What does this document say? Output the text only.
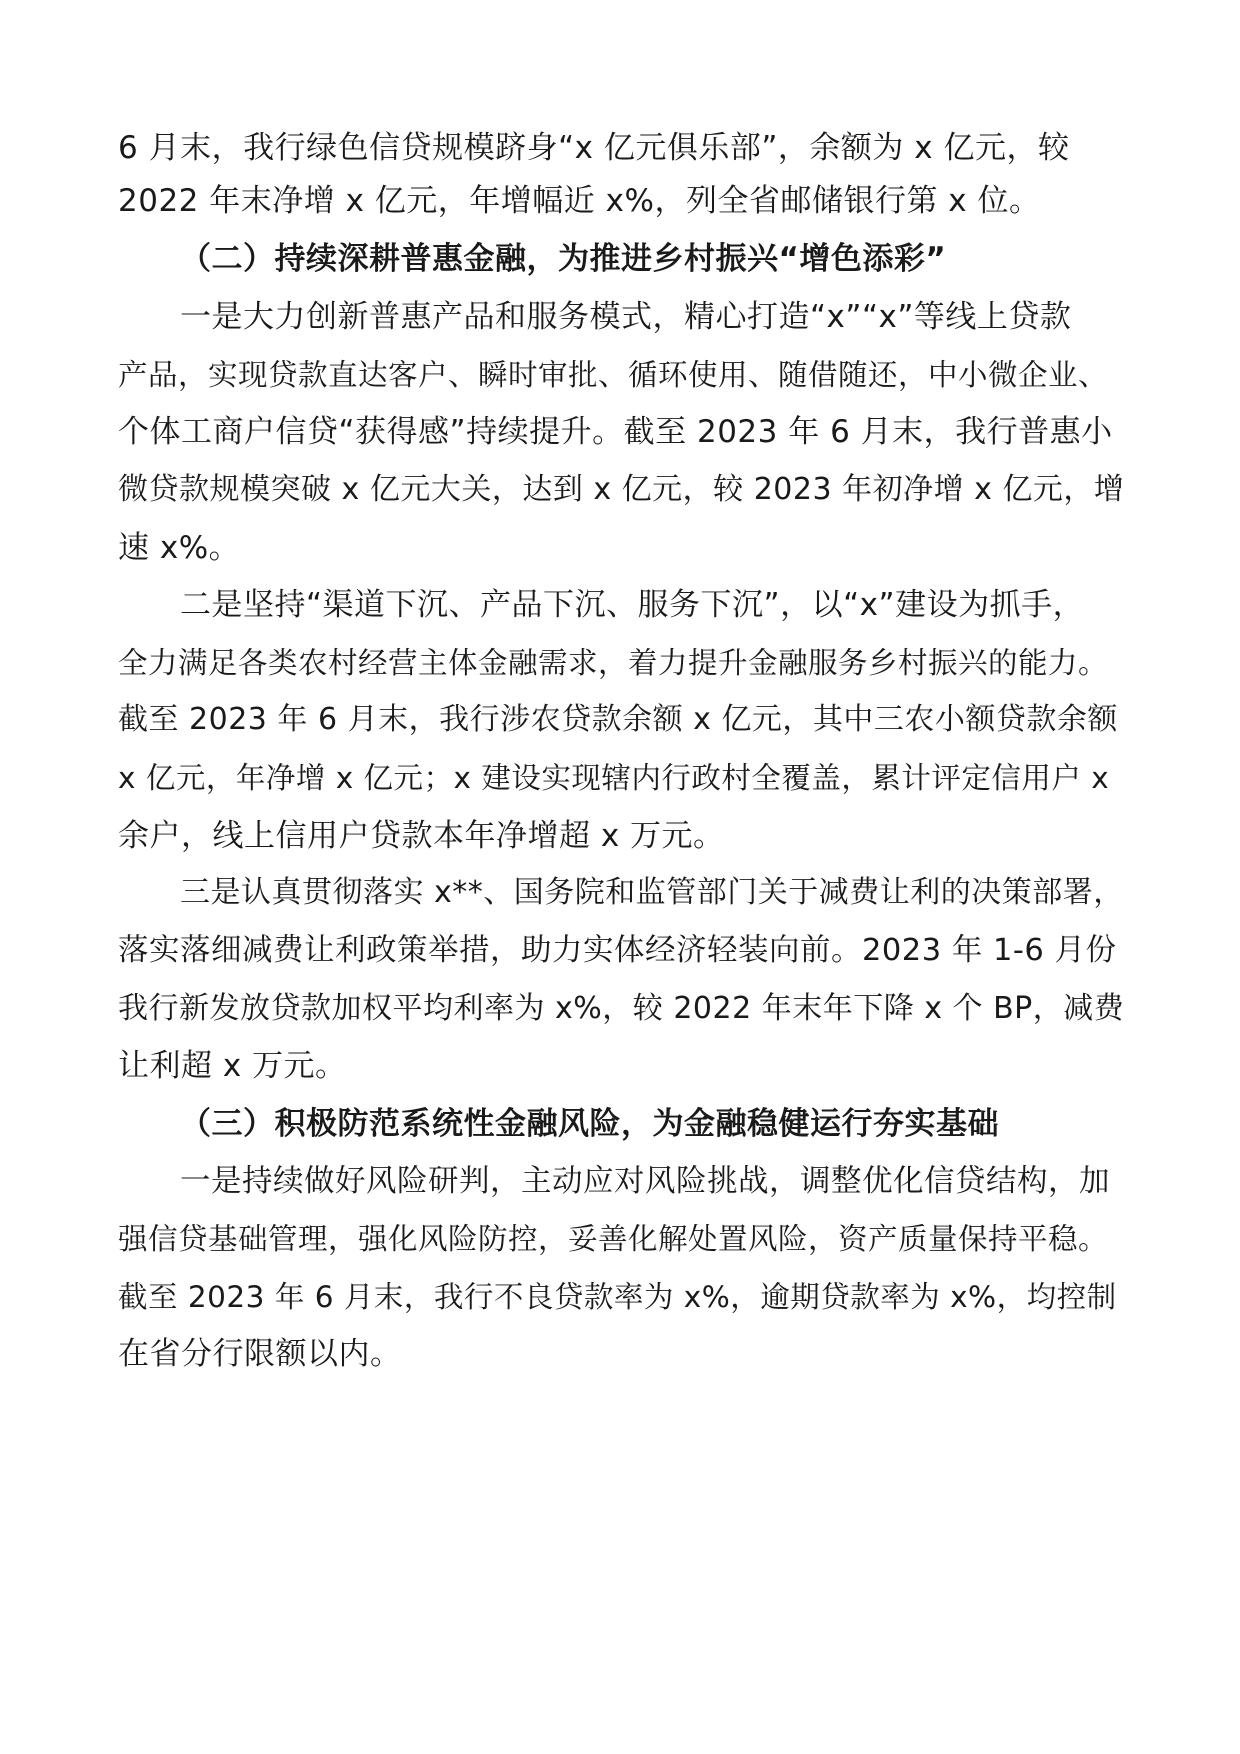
6 月末，我行绿色信贷规模跻身“x 亿元俱乐部”，余额为 x 亿元，较
2022 年末净增 x 亿元，年增幅近 x%，列全省邮储银行第 x 位。
（二）持续深耕普惠金融，为推进乡村振兴“增色添彩”
一是大力创新普惠产品和服务模式，精心打造“x”“x”等线上贷款
产品，实现贷款直达客户、瞬时审批、循环使用、随借随还，中小微企业、
个体工商户信贷“获得感”持续提升。截至 2023 年 6 月末，我行普惠小
微贷款规模突破 x 亿元大关，达到 x 亿元，较 2023 年初净增 x 亿元，增
速 x%。
二是坚持“渠道下沉、产品下沉、服务下沉”，以“x”建设为抓手，
全力满足各类农村经营主体金融需求，着力提升金融服务乡村振兴的能力。
截至 2023 年 6 月末，我行涉农贷款余额 x 亿元，其中三农小额贷款余额
x 亿元，年净增 x 亿元；x 建设实现辖内行政村全覆盖，累计评定信用户 x
余户，线上信用户贷款本年净增超 x 万元。
三是认真贯彻落实 x**、国务院和监管部门关于减费让利的决策部署，
落实落细减费让利政策举措，助力实体经济轻装向前。2023 年 1-6 月份
我行新发放贷款加权平均利率为 x%，较 2022 年末年下降 x 个 BP，减费
让利超 x 万元。
（三）积极防范系统性金融风险，为金融稳健运行夯实基础
一是持续做好风险研判，主动应对风险挑战，调整优化信贷结构，加
强信贷基础管理，强化风险防控，妥善化解处置风险，资产质量保持平稳。
截至 2023 年 6 月末，我行不良贷款率为 x%，逾期贷款率为 x%，均控制
在省分行限额以内。
